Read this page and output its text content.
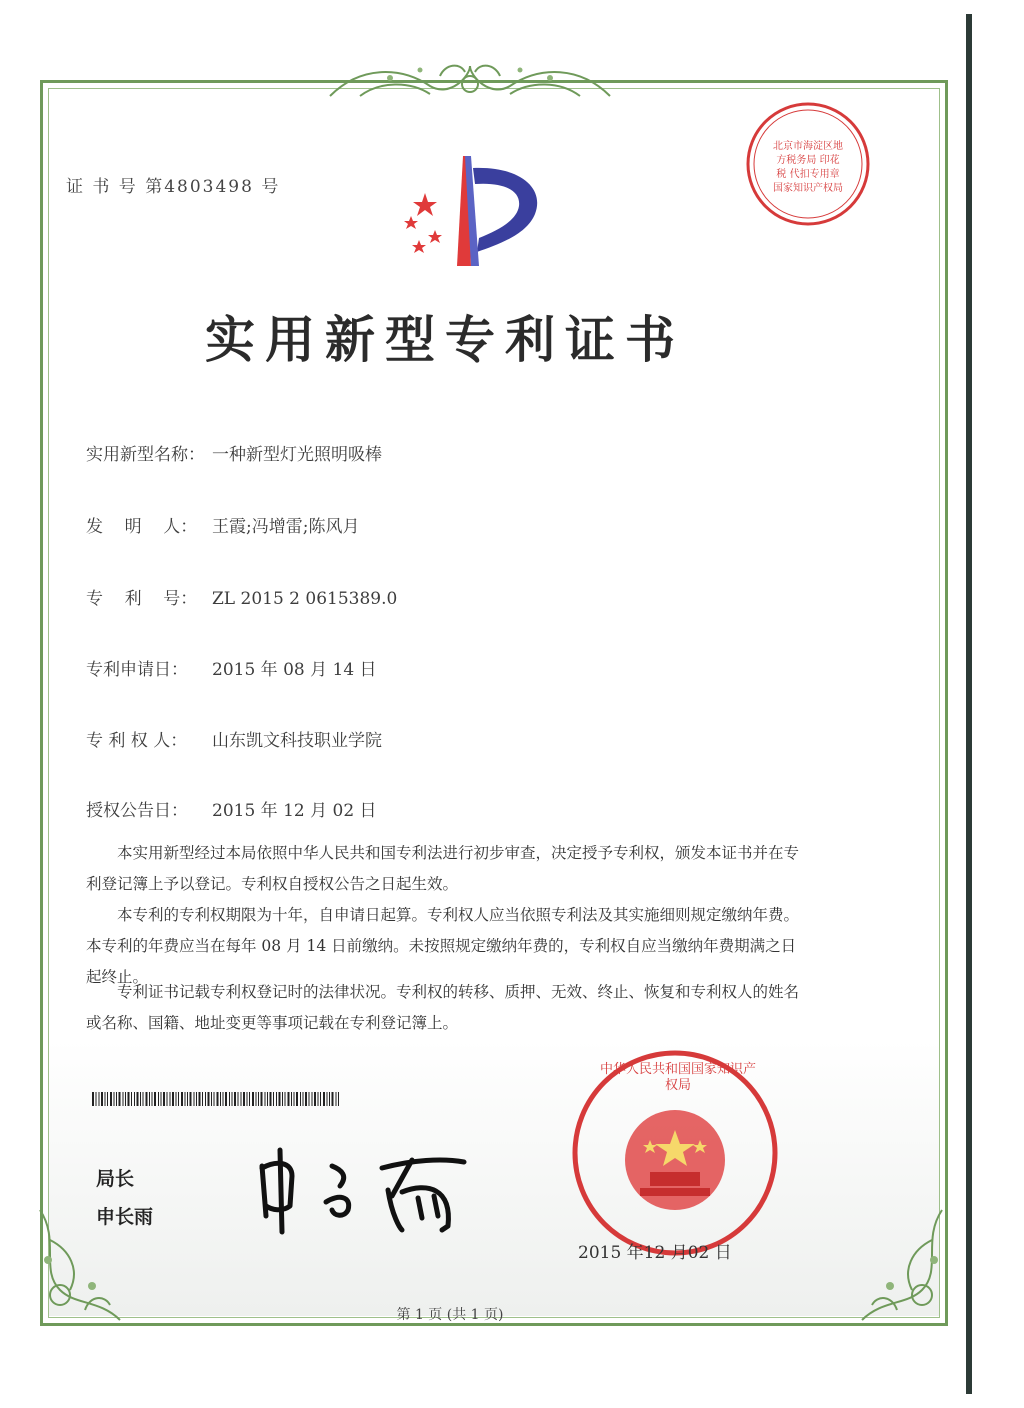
证 书 号 第4803498 号
北京市海淀区地方税务局 印花税 代扣专用章 国家知识产权局
实用新型专利证书
实用新型名称： 一种新型灯光照明吸棒
发    明    人： 王霞;冯增雷;陈风月
专    利    号： ZL 2015 2 0615389.0
专利申请日： 2015 年 08 月 14 日
专 利 权 人： 山东凯文科技职业学院
授权公告日： 2015 年 12 月 02 日
本实用新型经过本局依照中华人民共和国专利法进行初步审查，决定授予专利权，颁发本证书并在专利登记簿上予以登记。专利权自授权公告之日起生效。
本专利的专利权期限为十年，自申请日起算。专利权人应当依照专利法及其实施细则规定缴纳年费。本专利的年费应当在每年 08 月 14 日前缴纳。未按照规定缴纳年费的，专利权自应当缴纳年费期满之日起终止。
专利证书记载专利权登记时的法律状况。专利权的转移、质押、无效、终止、恢复和专利权人的姓名或名称、国籍、地址变更等事项记载在专利登记簿上。
局长
申长雨
中华人民共和国国家知识产权局
2015 年12 月02 日
第 1 页 (共 1 页)
